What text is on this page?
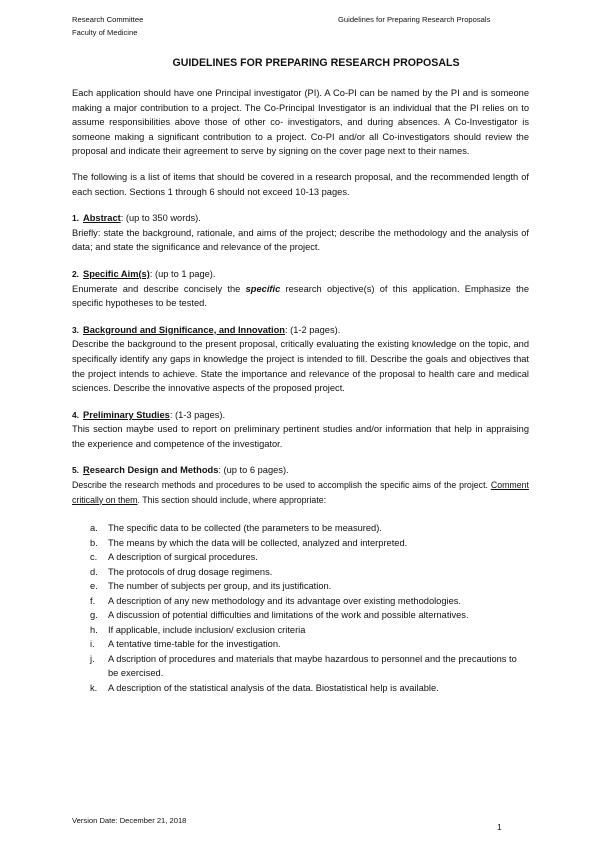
Research Committee
Faculty of Medicine
Guidelines for Preparing Research Proposals
GUIDELINES FOR PREPARING RESEARCH PROPOSALS

Each application should have one Principal investigator (PI). A Co-PI can be named by the PI and is someone making a major contribution to a project. The Co-Principal Investigator is an individual that the PI relies on to assume responsibilities above those of other co- investigators, and during absences. A Co-Investigator is someone making a significant contribution to a project. Co-PI and/or all Co-investigators should review the proposal and indicate their agreement to serve by signing on the cover page next to their names.

The following is a list of items that should be covered in a research proposal, and the recommended length of each section. Sections 1 through 6 should not exceed 10-13 pages.

1. Abstract: (up to 350 words).

Briefly: state the background, rationale, and aims of the project; describe the methodology and the analysis of data; and state the significance and relevance of the project.

2. Specific Aim(s): (up to 1 page).

Enumerate and describe concisely the specific research objective(s) of this application. Emphasize the specific hypotheses to be tested.

3. Background and Significance, and Innovation: (1-2 pages).

Describe the background to the present proposal, critically evaluating the existing knowledge on the topic, and specifically identify any gaps in knowledge the project is intended to fill. Describe the goals and objectives that the project intends to achieve. State the importance and relevance of the proposal to health care and medical sciences. Describe the innovative aspects of the proposed project.

4. Preliminary Studies: (1-3 pages).

This section maybe used to report on preliminary pertinent studies and/or information that help in appraising the experience and competence of the investigator.

5. Research Design and Methods: (up to 6 pages).

Describe the research methods and procedures to be used to accomplish the specific aims of the project. Comment critically on them. This section should include, where appropriate:

a. The specific data to be collected (the parameters to be measured).
b. The means by which the data will be collected, analyzed and interpreted.
c. A description of surgical procedures.
d. The protocols of drug dosage regimens.
e. The number of subjects per group, and its justification.
f. A description of any new methodology and its advantage over existing methodologies.
g. A discussion of potential difficulties and limitations of the work and possible alternatives.
h. If applicable, include inclusion/ exclusion criteria
i. A tentative time-table for the investigation.
j. A dscription of procedures and materials that maybe hazardous to personnel and the precautions to be exercised.
k. A description of the statistical analysis of the data. Biostatistical help is available.
Version Date: December 21, 2018
1
